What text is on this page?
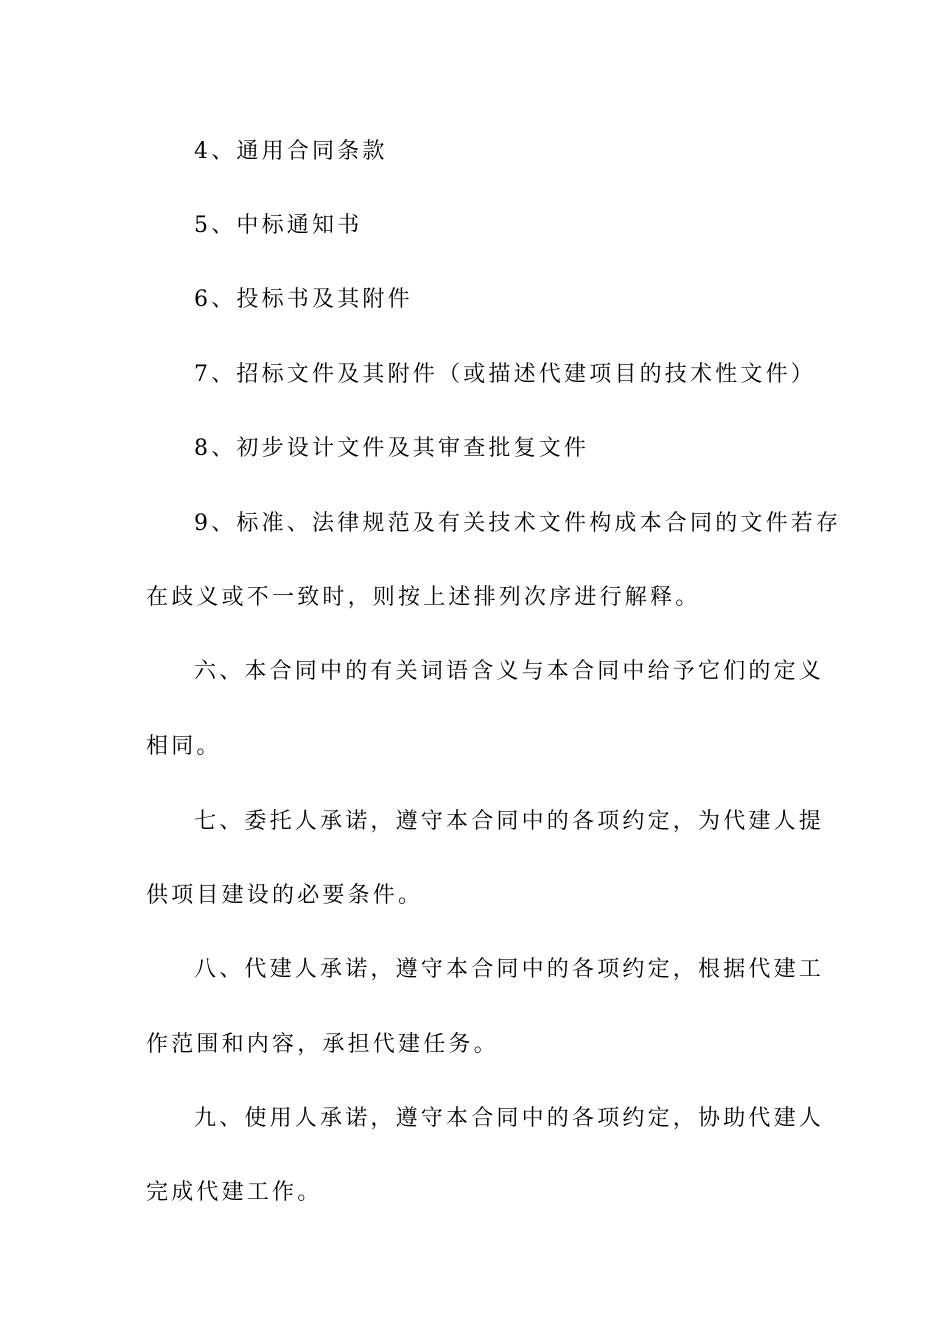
4、通用合同条款
5、中标通知书
6、投标书及其附件
7、招标文件及其附件（或描述代建项目的技术性文件）
8、初步设计文件及其审查批复文件
9、标准、法律规范及有关技术文件构成本合同的文件若存
在歧义或不一致时，则按上述排列次序进行解释。
六、本合同中的有关词语含义与本合同中给予它们的定义
相同。
七、委托人承诺，遵守本合同中的各项约定，为代建人提
供项目建设的必要条件。
八、代建人承诺，遵守本合同中的各项约定，根据代建工
作范围和内容，承担代建任务。
九、使用人承诺，遵守本合同中的各项约定，协助代建人
完成代建工作。
